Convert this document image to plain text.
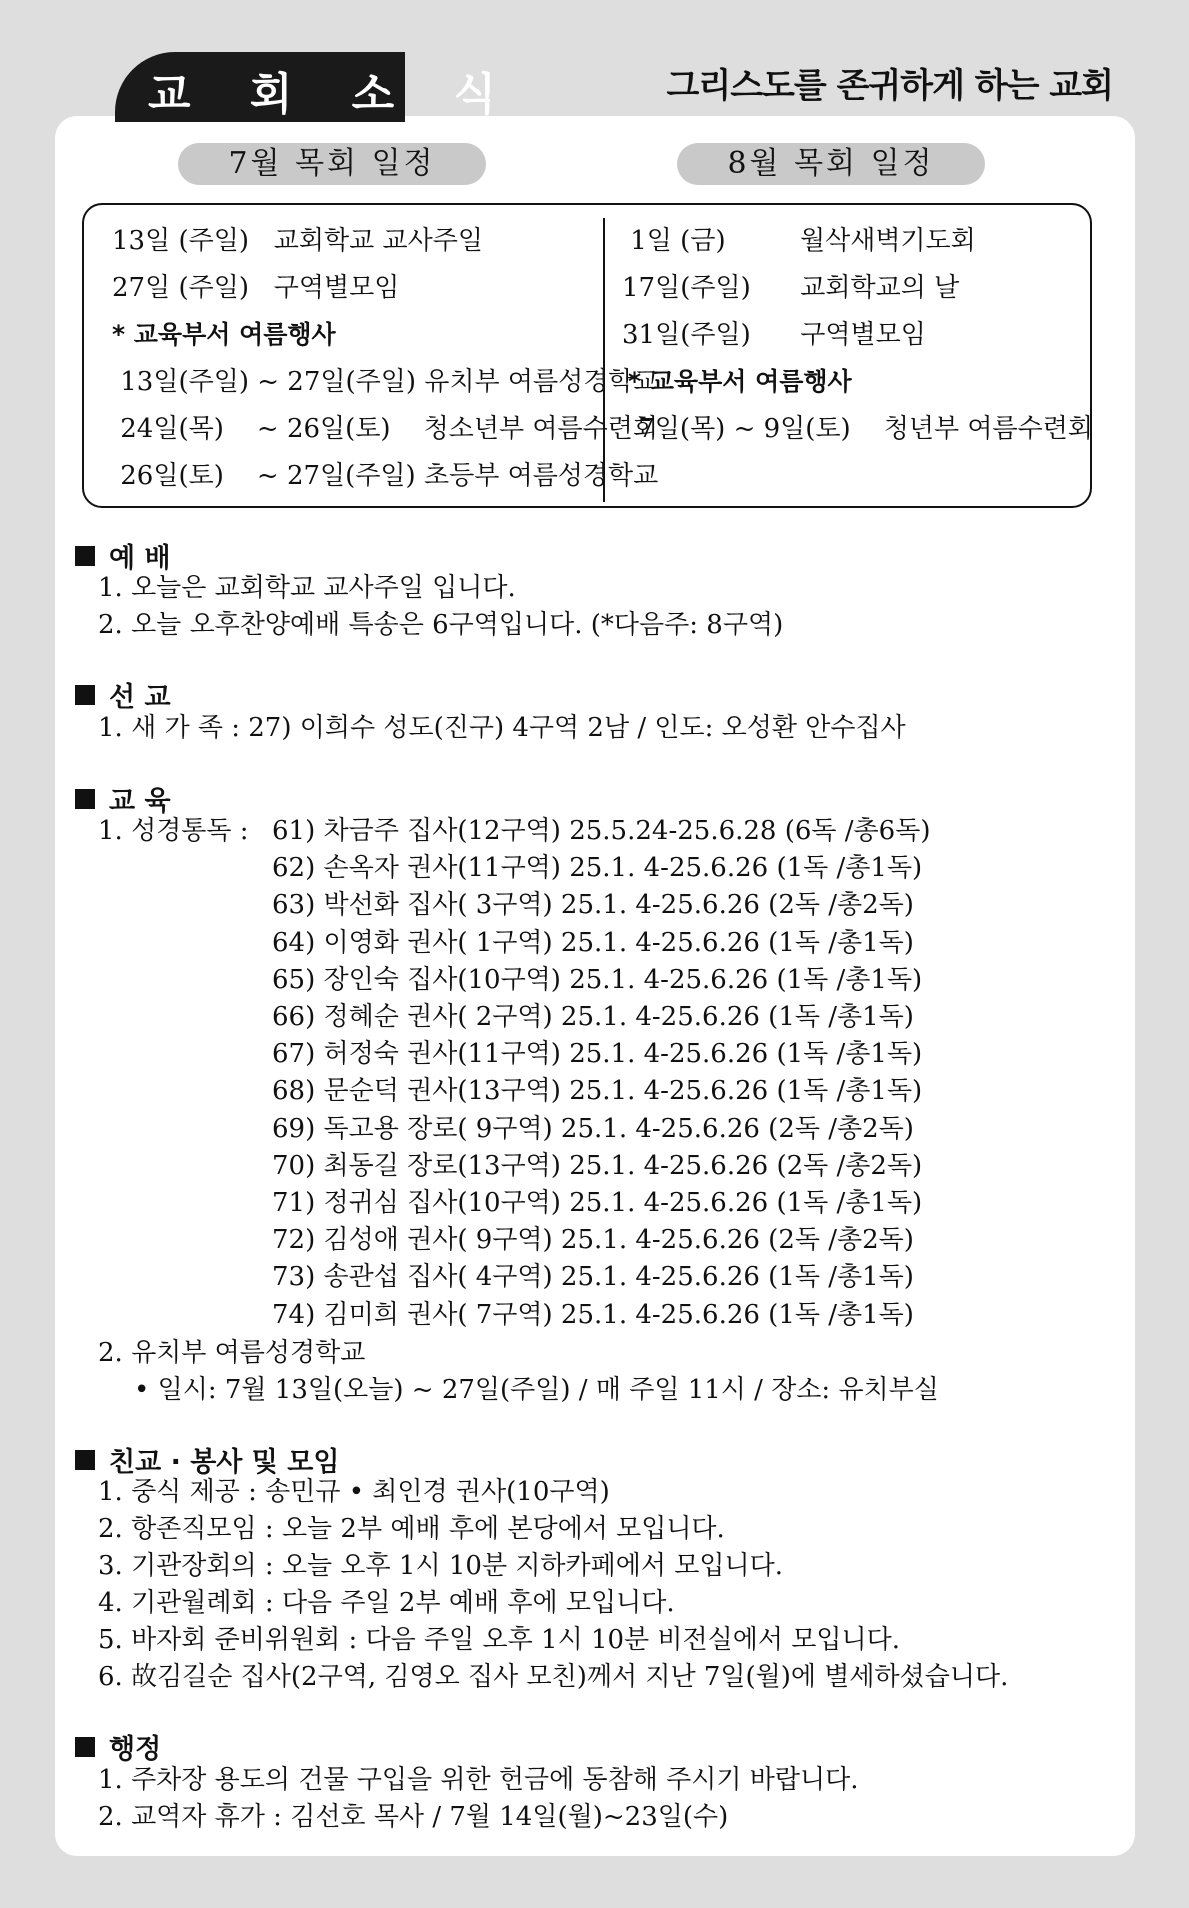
교 회 소 식	그리스도를 존귀하게 하는 교회
7월 목회 일정	8월 목회 일정
13일 (주일)   교회학교 교사주일
27일 (주일)   구역별모임
* 교육부서 여름행사
13일(주일) ~ 27일(주일) 유치부 여름성경학교
24일(목)    ~ 26일(토)    청소년부 여름수련회
26일(토)    ~ 27일(주일) 초등부 여름성경학교
1일 (금)         월삭새벽기도회
17일(주일)      교회학교의 날
31일(주일)      구역별모임
* 교육부서 여름행사
7일(목) ~ 9일(토)    청년부 여름수련회
예 배
1. 오늘은 교회학교 교사주일 입니다.
2. 오늘 오후찬양예배 특송은 6구역입니다. (*다음주: 8구역)
선 교
1. 새 가 족 : 27) 이희수 성도(진구) 4구역 2남 / 인도: 오성환 안수집사
교 육
1. 성경통독 : 61) 차금주 집사(12구역) 25.5.24-25.6.28 (6독 /총6독)
62) 손옥자 권사(11구역) 25.1. 4-25.6.26 (1독 /총1독)
63) 박선화 집사( 3구역) 25.1. 4-25.6.26 (2독 /총2독)
64) 이영화 권사( 1구역) 25.1. 4-25.6.26 (1독 /총1독)
65) 장인숙 집사(10구역) 25.1. 4-25.6.26 (1독 /총1독)
66) 정혜순 권사( 2구역) 25.1. 4-25.6.26 (1독 /총1독)
67) 허정숙 권사(11구역) 25.1. 4-25.6.26 (1독 /총1독)
68) 문순덕 권사(13구역) 25.1. 4-25.6.26 (1독 /총1독)
69) 독고용 장로( 9구역) 25.1. 4-25.6.26 (2독 /총2독)
70) 최동길 장로(13구역) 25.1. 4-25.6.26 (2독 /총2독)
71) 정귀심 집사(10구역) 25.1. 4-25.6.26 (1독 /총1독)
72) 김성애 권사( 9구역) 25.1. 4-25.6.26 (2독 /총2독)
73) 송관섭 집사( 4구역) 25.1. 4-25.6.26 (1독 /총1독)
74) 김미희 권사( 7구역) 25.1. 4-25.6.26 (1독 /총1독)
2. 유치부 여름성경학교
• 일시: 7월 13일(오늘) ~ 27일(주일) / 매 주일 11시 / 장소: 유치부실
친교 · 봉사 및 모임
1. 중식 제공 : 송민규 • 최인경 권사(10구역)
2. 항존직모임 : 오늘 2부 예배 후에 본당에서 모입니다.
3. 기관장회의 : 오늘 오후 1시 10분 지하카페에서 모입니다.
4. 기관월례회 : 다음 주일 2부 예배 후에 모입니다.
5. 바자회 준비위원회 : 다음 주일 오후 1시 10분 비전실에서 모입니다.
6. 故김길순 집사(2구역, 김영오 집사 모친)께서 지난 7일(월)에 별세하셨습니다.
행정
1. 주차장 용도의 건물 구입을 위한 헌금에 동참해 주시기 바랍니다.
2. 교역자 휴가 : 김선호 목사 / 7월 14일(월)~23일(수)
